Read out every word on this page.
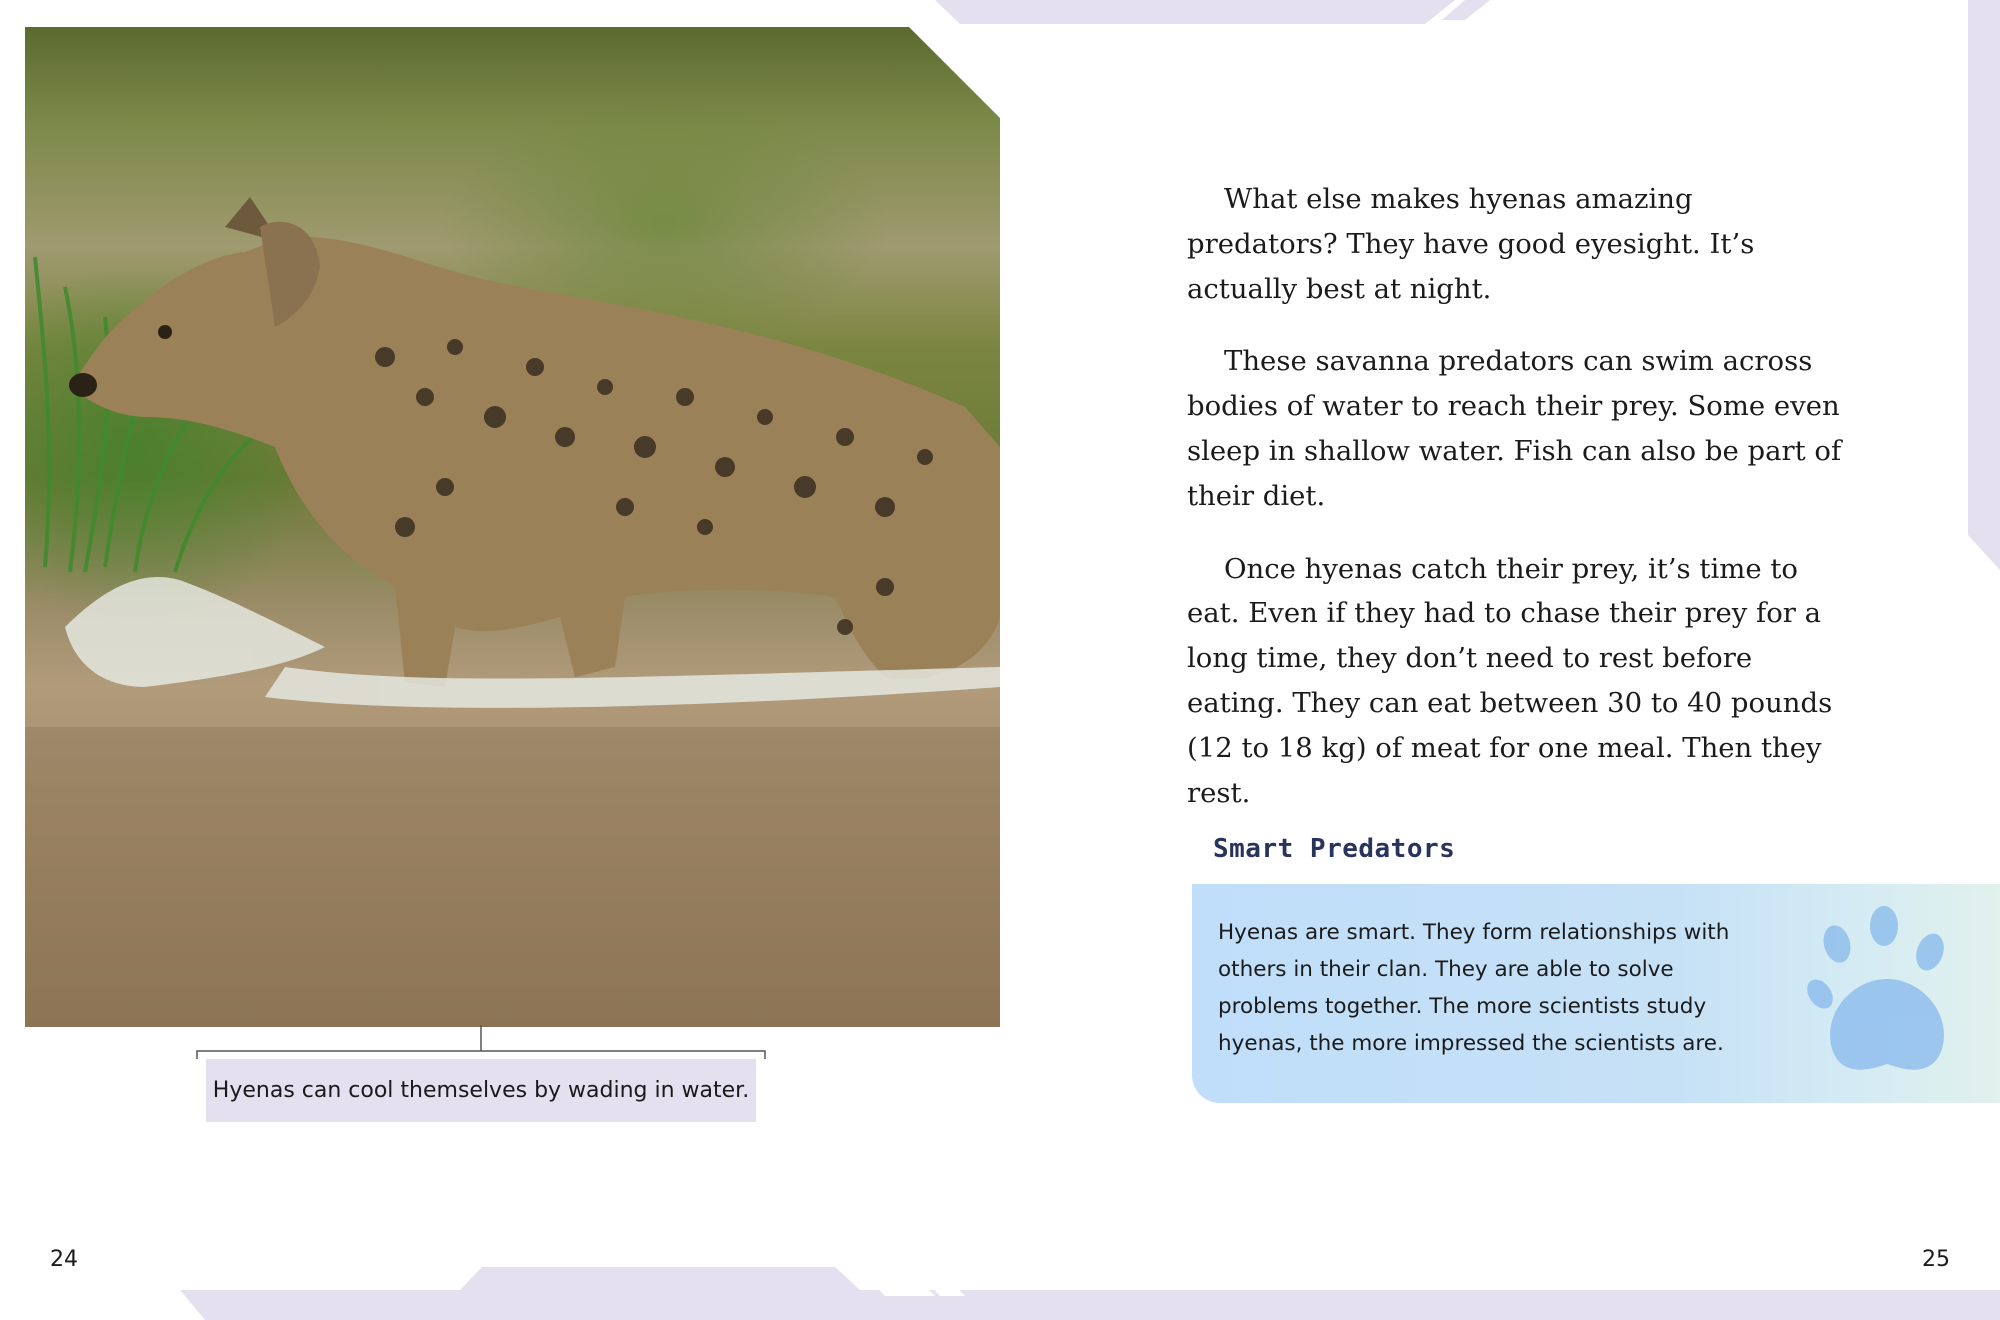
Hyenas can cool themselves by wading in water.

What else makes hyenas amazing predators? They have good eyesight. It’s actually best at night.

These savanna predators can swim across bodies of water to reach their prey. Some even sleep in shallow water. Fish can also be part of their diet.

Once hyenas catch their prey, it’s time to eat. Even if they had to chase their prey for a long time, they don’t need to rest before eating. They can eat between 30 to 40 pounds (12 to 18 kg) of meat for one meal. Then they rest.

Smart Predators
Hyenas are smart. They form relationships with others in their clan. They are able to solve problems together. The more scientists study hyenas, the more impressed the scientists are.
24	25
